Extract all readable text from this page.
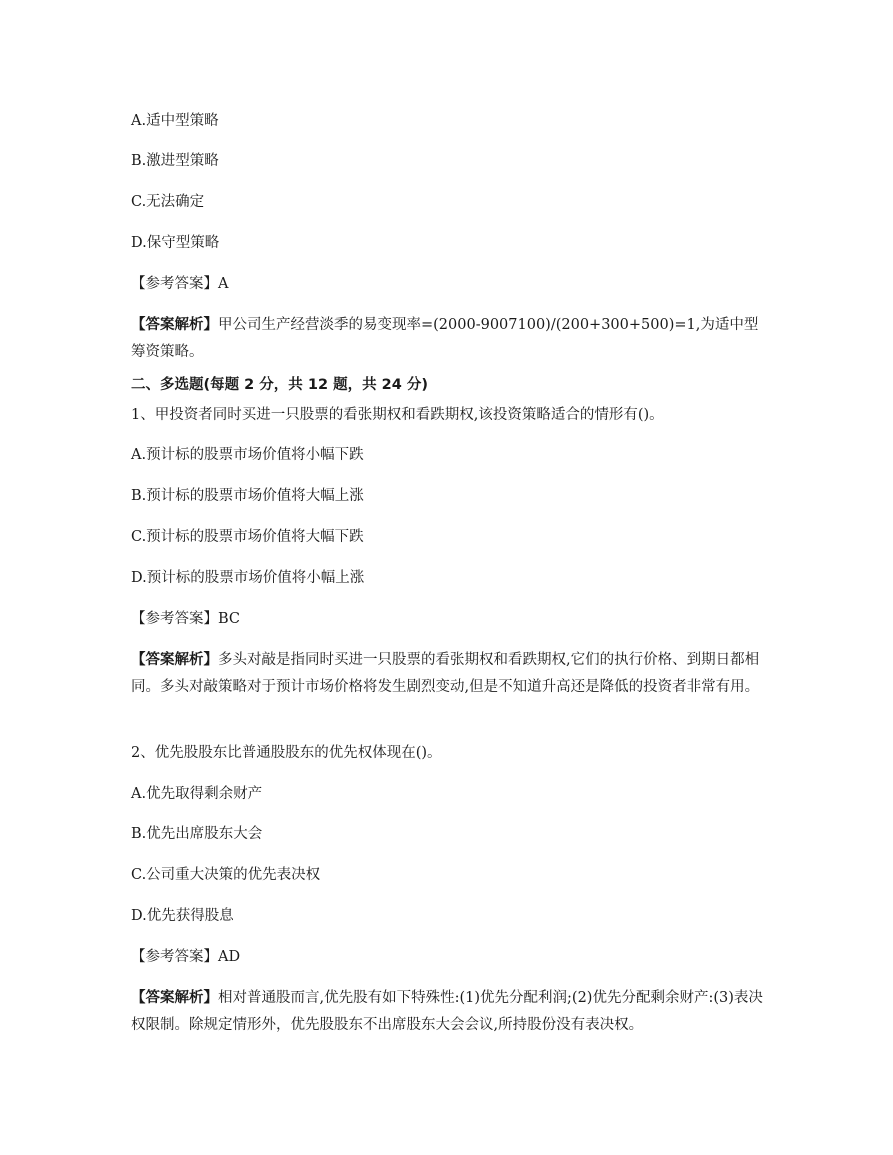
A.适中型策略
B.激进型策略
C.无法确定
D.保守型策略
【参考答案】A
【答案解析】甲公司生产经营淡季的易变现率=(2000-9007100)/(200+300+500)=1,为适中型筹资策略。
二、多选题(每题 2 分，共 12 题，共 24 分)
1、甲投资者同时买进一只股票的看张期权和看跌期权,该投资策略适合的情形有()。
A.预计标的股票市场价值将小幅下跌
B.预计标的股票市场价值将大幅上涨
C.预计标的股票市场价值将大幅下跌
D.预计标的股票市场价值将小幅上涨
【参考答案】BC
【答案解析】多头对敲是指同时买进一只股票的看张期权和看跌期权,它们的执行价格、到期日都相同。多头对敲策略对于预计市场价格将发生剧烈变动,但是不知道升高还是降低的投资者非常有用。
2、优先股股东比普通股股东的优先权体现在()。
A.优先取得剩余财产
B.优先出席股东大会
C.公司重大决策的优先表决权
D.优先获得股息
【参考答案】AD
【答案解析】相对普通股而言,优先股有如下特殊性:(1)优先分配利润;(2)优先分配剩余财产:(3)表决权限制。除规定情形外，优先股股东不出席股东大会会议,所持股份没有表决权。
